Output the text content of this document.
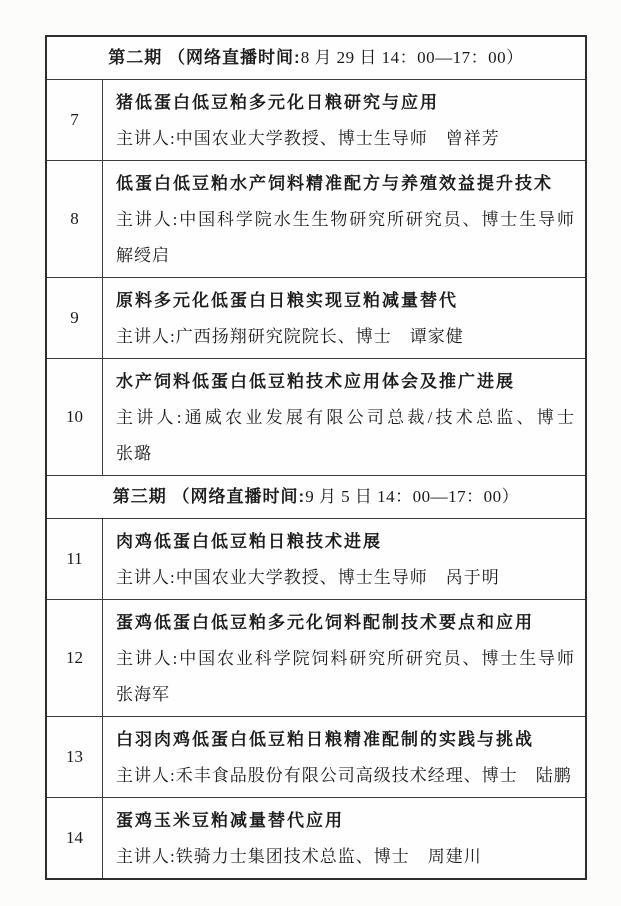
第二期 （网络直播时间:8 月 29 日 14：00—17：00）
7
猪低蛋白低豆粕多元化日粮研究与应用
主讲人:中国农业大学教授、博士生导师　曾祥芳
8
低蛋白低豆粕水产饲料精准配方与养殖效益提升技术
主讲人:中国科学院水生生物研究所研究员、博士生导师
解绶启
9
原料多元化低蛋白日粮实现豆粕减量替代
主讲人:广西扬翔研究院院长、博士　谭家健
10
水产饲料低蛋白低豆粕技术应用体会及推广进展
主讲人:通威农业发展有限公司总裁/技术总监、博士
张璐
第三期 （网络直播时间:9 月 5 日 14：00—17：00）
11
肉鸡低蛋白低豆粕日粮技术进展
主讲人:中国农业大学教授、博士生导师　呙于明
12
蛋鸡低蛋白低豆粕多元化饲料配制技术要点和应用
主讲人:中国农业科学院饲料研究所研究员、博士生导师
张海军
13
白羽肉鸡低蛋白低豆粕日粮精准配制的实践与挑战
主讲人:禾丰食品股份有限公司高级技术经理、博士　陆鹏
14
蛋鸡玉米豆粕减量替代应用
主讲人:铁骑力士集团技术总监、博士　周建川
